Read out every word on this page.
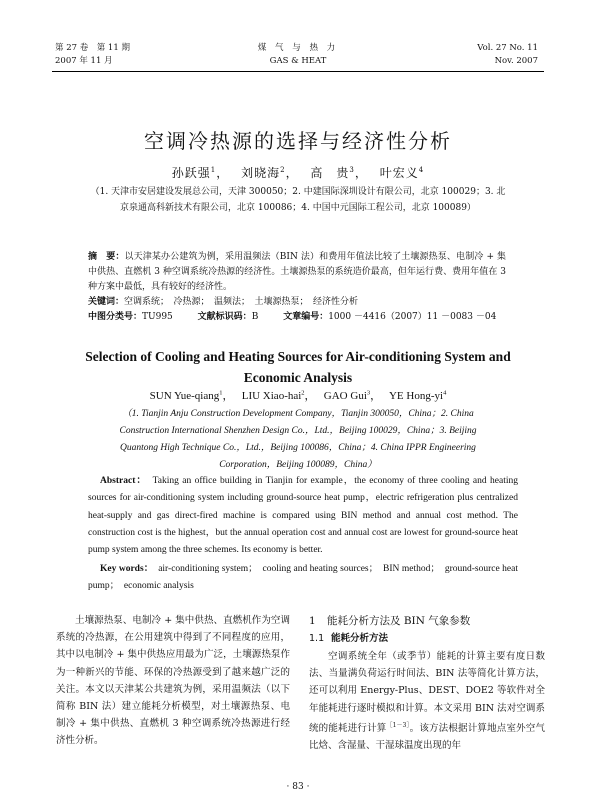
第 27 卷　第 11 期
2007 年 11 月
煤 气 与 热 力
GAS & HEAT
Vol. 27 No. 11
Nov. 2007
空调冷热源的选择与经济性分析
孙跃强$^1$，　 刘晓海$^2$，　 高　贵$^3$，　 叶宏义$^4$
（1. 天津市安居建设发展总公司，天津 300050；2. 中建国际深圳设计有限公司，北京 100029；3. 北京泉通高科新技术有限公司，北京 100086；4. 中国中元国际工程公司，北京 100089）
摘　要：以天津某办公建筑为例，采用温频法（BIN 法）和费用年值法比较了土壤源热泵、电制冷 + 集中供热、直燃机 3 种空调系统冷热源的经济性。土壤源热泵的系统造价最高，但年运行费、费用年值在 3 种方案中最低，具有较好的经济性。
关键词：空调系统；　冷热源；　温频法；　土壤源热泵；　经济性分析
中图分类号：TU995	文献标识码：B	文章编号：1000 －4416（2007）11 －0083 －04
Selection of Cooling and Heating Sources for Air-conditioning System and Economic Analysis
SUN Yue-qiang$^1$，　 LIU Xiao-hai$^2$，　 GAO Gui$^3$，　 YE Hong-$yi^4$
（1. Tianjin Anju Construction Development Company，Tianjin 300050，China；2. China Construction International Shenzhen Design Co.，Ltd.，Beijing 100029，China；3. Beijing Quantong High Technique Co.，Ltd.，Beijing 100086，China；4. China IPPR Engineering Corporation，Beijing 100089，China）
Abstract：　 Taking an office building in Tianjin for example，the economy of three cooling and heating sources for air-conditioning system including ground-source heat pump，electric refrigeration plus centralized heat-supply and gas direct-fired machine is compared using BIN method and annual cost method. The construction cost is the highest，but the annual operation cost and annual cost are lowest for ground-source heat pump system among the three schemes. Its economy is better.
Key words：　 air-conditioning system；　cooling and heating sources；　BIN method；　ground-source heat pump；　economic analysis
土壤源热泵、电制冷 + 集中供热、直燃机作为空调系统的冷热源，在公用建筑中得到了不同程度的应用，其中以电制冷 + 集中供热应用最为广泛，土壤源热泵作为一种新兴的节能、环保的冷热源受到了越来越广泛的关注。本文以天津某公共建筑为例，采用温频法（以下简称 BIN 法）建立能耗分析模型，对土壤源热泵、电制冷 + 集中供热、直燃机 3 种空调系统冷热源进行经济性分析。
1 能耗分析方法及 BIN 气象参数
1.1 能耗分析方法
空调系统全年（或季节）能耗的计算主要有度日数法、当量满负荷运行时间法、BIN 法等简化计算方法，还可以利用 Energy-Plus、DEST、DOE2 等软件对全年能耗进行逐时模拟和计算。本文采用 BIN 法对空调系统的能耗进行计算$^{[1-3]}$。该方法根据计算地点室外空气比焓、含湿量、干湿球温度出现的年
· 83 ·
